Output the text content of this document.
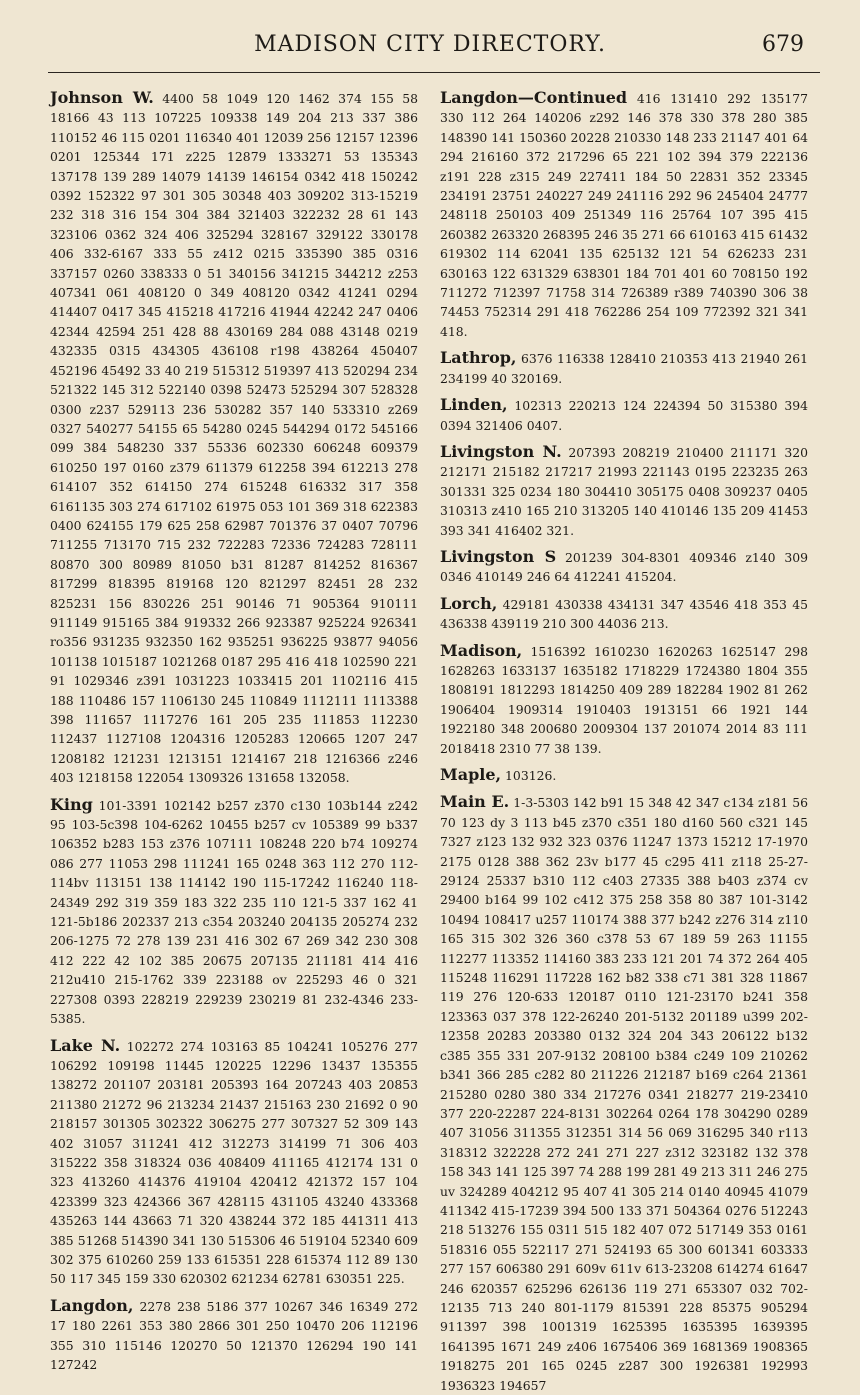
MADISON CITY DIRECTORY.	679

Johnson W. 4400 58 1049 120 1462 374 155 58 18166 43 113 107225 109338 149 204 213 337 386 110152 46 115 0201 116340 401 12039 256 12157 12396 0201 125344 171 z225 12879 1333271 53 135343 137178 139 289 14079 14139 146154 0342 418 150242 0392 152322 97 301 305 30348 403 309202 313-15219 232 318 316 154 304 384 321403 322232 28 61 143 323106 0362 324 406 325294 328167 329122 330178 406 332-6167 333 55 z412 0215 335390 385 0316 337157 0260 338333 0 51 340156 341215 344212 z253 407341 061 408120 0 349 408120 0342 41241 0294 414407 0417 345 415218 417216 41944 42242 247 0406 42344 42594 251 428 88 430169 284 088 43148 0219 432335 0315 434305 436108 r198 438264 450407 452196 45492 33 40 219 515312 519397 413 520294 234 521322 145 312 522140 0398 52473 525294 307 528328 0300 z237 529113 236 530282 357 140 533310 z269 0327 540277 54155 65 54280 0245 544294 0172 545166 099 384 548230 337 55336 602330 606248 609379 610250 197 0160 z379 611379 612258 394 612213 278 614107 352 614150 274 615248 616332 317 358 6161135 303 274 617102 61975 053 101 369 318 622383 0400 624155 179 625 258 62987 701376 37 0407 70796 711255 713170 715 232 722283 72336 724283 728111 80870 300 80989 81050 b31 81287 814252 816367 817299 818395 819168 120 821297 82451 28 232 825231 156 830226 251 90146 71 905364 910111 911149 915165 384 919332 266 923387 925224 926341 ro356 931235 932350 162 935251 936225 93877 94056 101138 1015187 1021268 0187 295 416 418 102590 221 91 1029346 z391 1031223 1033415 201 1102116 415 188 110486 157 1106130 245 110849 1112111 1113388 398 111657 1117276 161 205 235 111853 112230 112437 1127108 1204316 1205283 120665 1207 247 1208182 121231 1213151 1214167 218 1216366 z246 403 1218158 122054 1309326 131658 132058.

King 101-3391 102142 b257 z370 c130 103b144 z242 95 103-5c398 104-6262 10455 b257 cv 105389 99 b337 106352 b283 153 z376 107111 108248 220 b74 109274 086 277 11053 298 111241 165 0248 363 112 270 112-114bv 113151 138 114142 190 115-17242 116240 118-24349 292 319 359 183 322 235 110 121-5 337 162 41 121-5b186 202337 213 c354 203240 204135 205274 232 206-1275 72 278 139 231 416 302 67 269 342 230 308 412 222 42 102 385 20675 207135 211181 414 416 212u410 215-1762 339 223188 ov 225293 46 0 321 227308 0393 228219 229239 230219 81 232-4346 233-5385.

Lake N. 102272 274 103163 85 104241 105276 277 106292 109198 11445 120225 12296 13437 135355 138272 201107 203181 205393 164 207243 403 20853 211380 21272 96 213234 21437 215163 230 21692 0 90 218157 301305 302322 306275 277 307327 52 309 143 402 31057 311241 412 312273 314199 71 306 403 315222 358 318324 036 408409 411165 412174 131 0 323 413260 414376 419104 420412 421372 157 104 423399 323 424366 367 428115 431105 43240 433368 435263 144 43663 71 320 438244 372 185 441311 413 385 51268 514390 341 130 515306 46 519104 52340 609 302 375 610260 259 133 615351 228 615374 112 89 130 50 117 345 159 330 620302 621234 62781 630351 225.

Langdon, 2278 238 5186 377 10267 346 16349 272 17 180 2261 353 380 2866 301 250 10470 206 112196 355 310 115146 120270 50 121370 126294 190 141 127242

Langdon—Continued 416 131410 292 135177 330 112 264 140206 z292 146 378 330 378 280 385 148390 141 150360 20228 210330 148 233 21147 401 64 294 216160 372 217296 65 221 102 394 379 222136 z191 228 z315 249 227411 184 50 22831 352 23345 234191 23751 240227 249 241116 292 96 245404 24777 248118 250103 409 251349 116 25764 107 395 415 260382 263320 268395 246 35 271 66 610163 415 61432 619302 114 62041 135 625132 121 54 626233 231 630163 122 631329 638301 184 701 401 60 708150 192 711272 712397 71758 314 726389 r389 740390 306 38 74453 752314 291 418 762286 254 109 772392 321 341 418.

Lathrop, 6376 116338 128410 210353 413 21940 261 234199 40 320169.

Linden, 102313 220213 124 224394 50 315380 394 0394 321406 0407.

Livingston N. 207393 208219 210400 211171 320 212171 215182 217217 21993 221143 0195 223235 263 301331 325 0234 180 304410 305175 0408 309237 0405 310313 z410 165 210 313205 140 410146 135 209 41453 393 341 416402 321.

Livingston S 201239 304-8301 409346 z140 309 0346 410149 246 64 412241 415204.

Lorch, 429181 430338 434131 347 43546 418 353 45 436338 439119 210 300 44036 213.

Madison, 1516392 1610230 1620263 1625147 298 1628263 1633137 1635182 1718229 1724380 1804 355 1808191 1812293 1814250 409 289 182284 1902 81 262 1906404 1909314 1910403 1913151 66 1921 144 1922180 348 200680 2009304 137 201074 2014 83 111 2018418 2310 77 38 139.

Maple, 103126.

Main E. 1-3-5303 142 b91 15 348 42 347 c134 z181 56 70 123 dy 3 113 b45 z370 c351 180 d160 560 c321 145 7327 z123 132 932 323 0376 11247 1373 15212 17-1970 2175 0128 388 362 23v b177 45 c295 411 z118 25-27-29124 25337 b310 112 c403 27335 388 b403 z374 cv 29400 b164 99 102 c412 375 258 358 80 387 101-3142 10494 108417 u257 110174 388 377 b242 z276 314 z110 165 315 302 326 360 c378 53 67 189 59 263 11155 112277 113352 114160 383 233 121 201 74 372 264 405 115248 116291 117228 162 b82 338 c71 381 328 11867 119 276 120-633 120187 0110 121-23170 b241 358 123363 037 378 122-26240 201-5132 201189 u399 202-12358 20283 203380 0132 324 204 343 206122 b132 c385 355 331 207-9132 208100 b384 c249 109 210262 b341 366 285 c282 80 211226 212187 b169 c264 21361 215280 0280 380 334 217276 0341 218277 219-23410 377 220-22287 224-8131 302264 0264 178 304290 0289 407 31056 311355 312351 314 56 069 316295 340 r113 318312 322228 272 241 271 227 z312 323182 132 378 158 343 141 125 397 74 288 199 281 49 213 311 246 275 uv 324289 404212 95 407 41 305 214 0140 40945 41079 411342 415-17239 394 500 133 371 504364 0276 512243 218 513276 155 0311 515 182 407 072 517149 353 0161 518316 055 522117 271 524193 65 300 601341 603333 277 157 606380 291 609v 611v 613-23208 614274 61647 246 620357 625296 626136 119 271 653307 032 702-12135 713 240 801-1179 815391 228 85375 905294 911397 398 1001319 1625395 1635395 1639395 1641395 1671 249 z406 1675406 369 1681369 1908365 1918275 201 165 0245 z287 300 1926381 192993 1936323 194657
